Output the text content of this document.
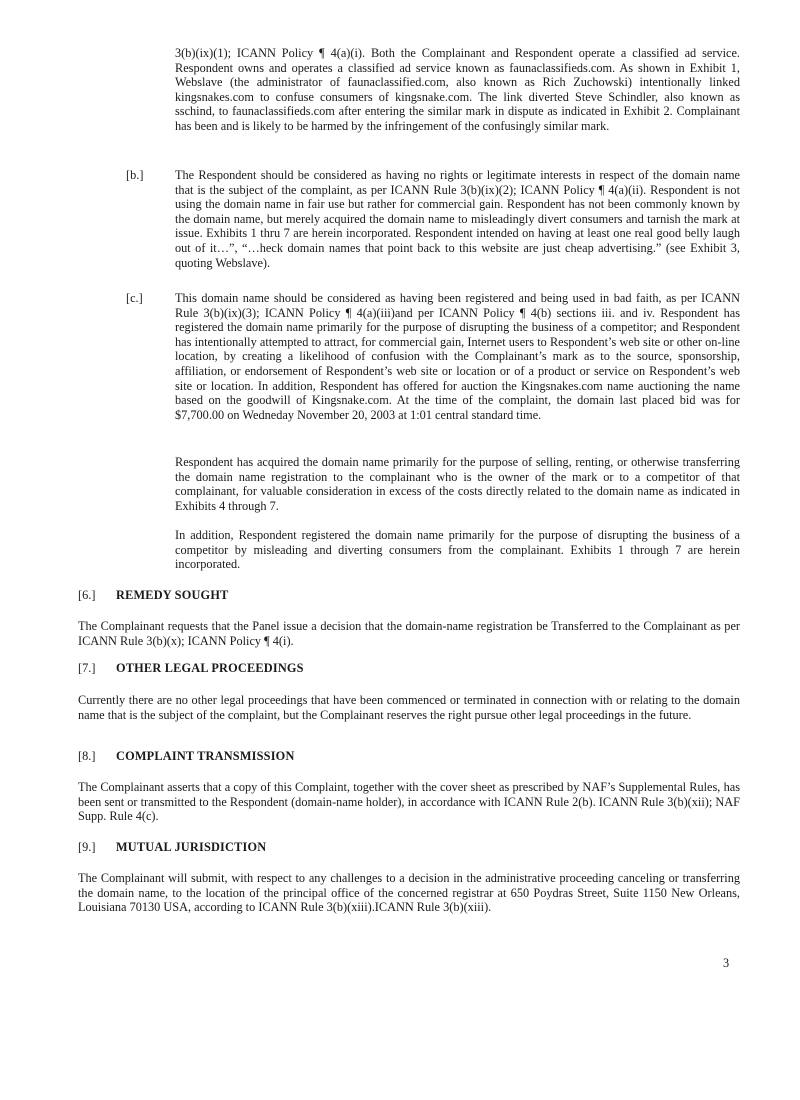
3(b)(ix)(1); ICANN Policy ¶ 4(a)(i). Both the Complainant and Respondent operate a classified ad service. Respondent owns and operates a classified ad service known as faunaclassifieds.com. As shown in Exhibit 1, Webslave (the administrator of faunaclassified.com, also known as Rich Zuchowski) intentionally linked kingsnakes.com to confuse consumers of kingsnake.com. The link diverted Steve Schindler, also known as sschind, to faunaclassifieds.com after entering the similar mark in dispute as indicated in Exhibit 2. Complainant has been and is likely to be harmed by the infringement of the confusingly similar mark.

[b.]	The Respondent should be considered as having no rights or legitimate interests in respect of the domain name that is the subject of the complaint, as per ICANN Rule 3(b)(ix)(2); ICANN Policy ¶ 4(a)(ii). Respondent is not using the domain name in fair use but rather for commercial gain. Respondent has not been commonly known by the domain name, but merely acquired the domain name to misleadingly divert consumers and tarnish the mark at issue. Exhibits 1 thru 7 are herein incorporated. Respondent intended on having at least one real good belly laugh out of it…”, “…heck domain names that point back to this website are just cheap advertising.” (see Exhibit 3, quoting Webslave).

[c.]	This domain name should be considered as having been registered and being used in bad faith, as per ICANN Rule 3(b)(ix)(3); ICANN Policy ¶ 4(a)(iii)and per ICANN Policy ¶ 4(b) sections iii. and iv. Respondent has registered the domain name primarily for the purpose of disrupting the business of a competitor; and Respondent has intentionally attempted to attract, for commercial gain, Internet users to Respondent’s web site or other on-line location, by creating a likelihood of confusion with the Complainant’s mark as to the source, sponsorship, affiliation, or endorsement of Respondent’s web site or location or of a product or service on Respondent’s web site or location. In addition, Respondent has offered for auction the Kingsnakes.com name auctioning the name based on the goodwill of Kingsnake.com. At the time of the complaint, the domain last placed bid was for $7,700.00 on Wedneday November 20, 2003 at 1:01 central standard time.

Respondent has acquired the domain name primarily for the purpose of selling, renting, or otherwise transferring the domain name registration to the complainant who is the owner of the mark or to a competitor of that complainant, for valuable consideration in excess of the costs directly related to the domain name as indicated in Exhibits 4 through 7.

In addition, Respondent registered the domain name primarily for the purpose of disrupting the business of a competitor by misleading and diverting consumers from the complainant. Exhibits 1 through 7 are herein incorporated.

[6.] REMEDY SOUGHT

The Complainant requests that the Panel issue a decision that the domain-name registration be Transferred to the Complainant as per ICANN Rule 3(b)(x); ICANN Policy ¶ 4(i).

[7.] OTHER LEGAL PROCEEDINGS

Currently there are no other legal proceedings that have been commenced or terminated in connection with or relating to the domain name that is the subject of the complaint, but the Complainant reserves the right pursue other legal proceedings in the future.

[8.] COMPLAINT TRANSMISSION

The Complainant asserts that a copy of this Complaint, together with the cover sheet as prescribed by NAF’s Supplemental Rules, has been sent or transmitted to the Respondent (domain-name holder), in accordance with ICANN Rule 2(b). ICANN Rule 3(b)(xii); NAF Supp. Rule 4(c).

[9.] MUTUAL JURISDICTION

The Complainant will submit, with respect to any challenges to a decision in the administrative proceeding canceling or transferring the domain name, to the location of the principal office of the concerned registrar at 650 Poydras Street, Suite 1150 New Orleans, Louisiana 70130 USA, according to ICANN Rule 3(b)(xiii).ICANN Rule 3(b)(xiii).

3
